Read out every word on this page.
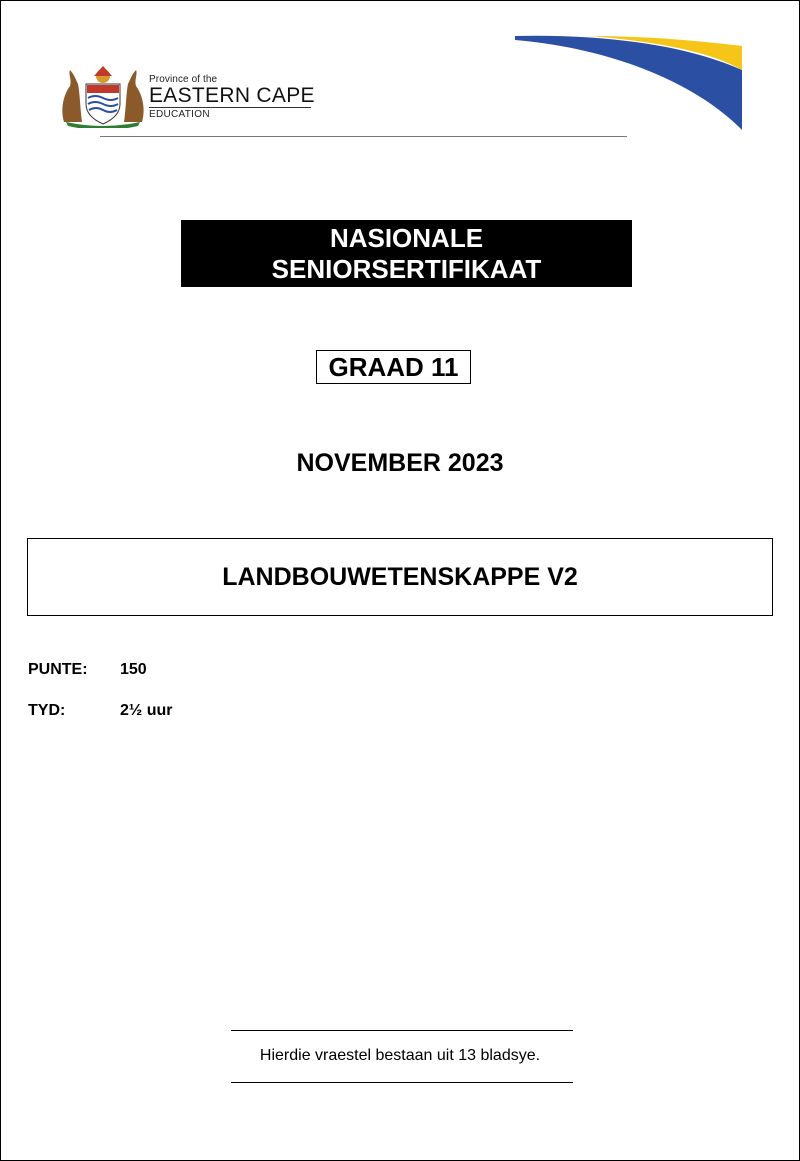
Province of the
EASTERN CAPE
EDUCATION
NASIONALE
SENIORSERTIFIKAAT
GRAAD 11
NOVEMBER 2023
LANDBOUWETENSKAPPE V2
PUNTE: 150
TYD:	2½ uur
Hierdie vraestel bestaan uit 13 bladsye.
